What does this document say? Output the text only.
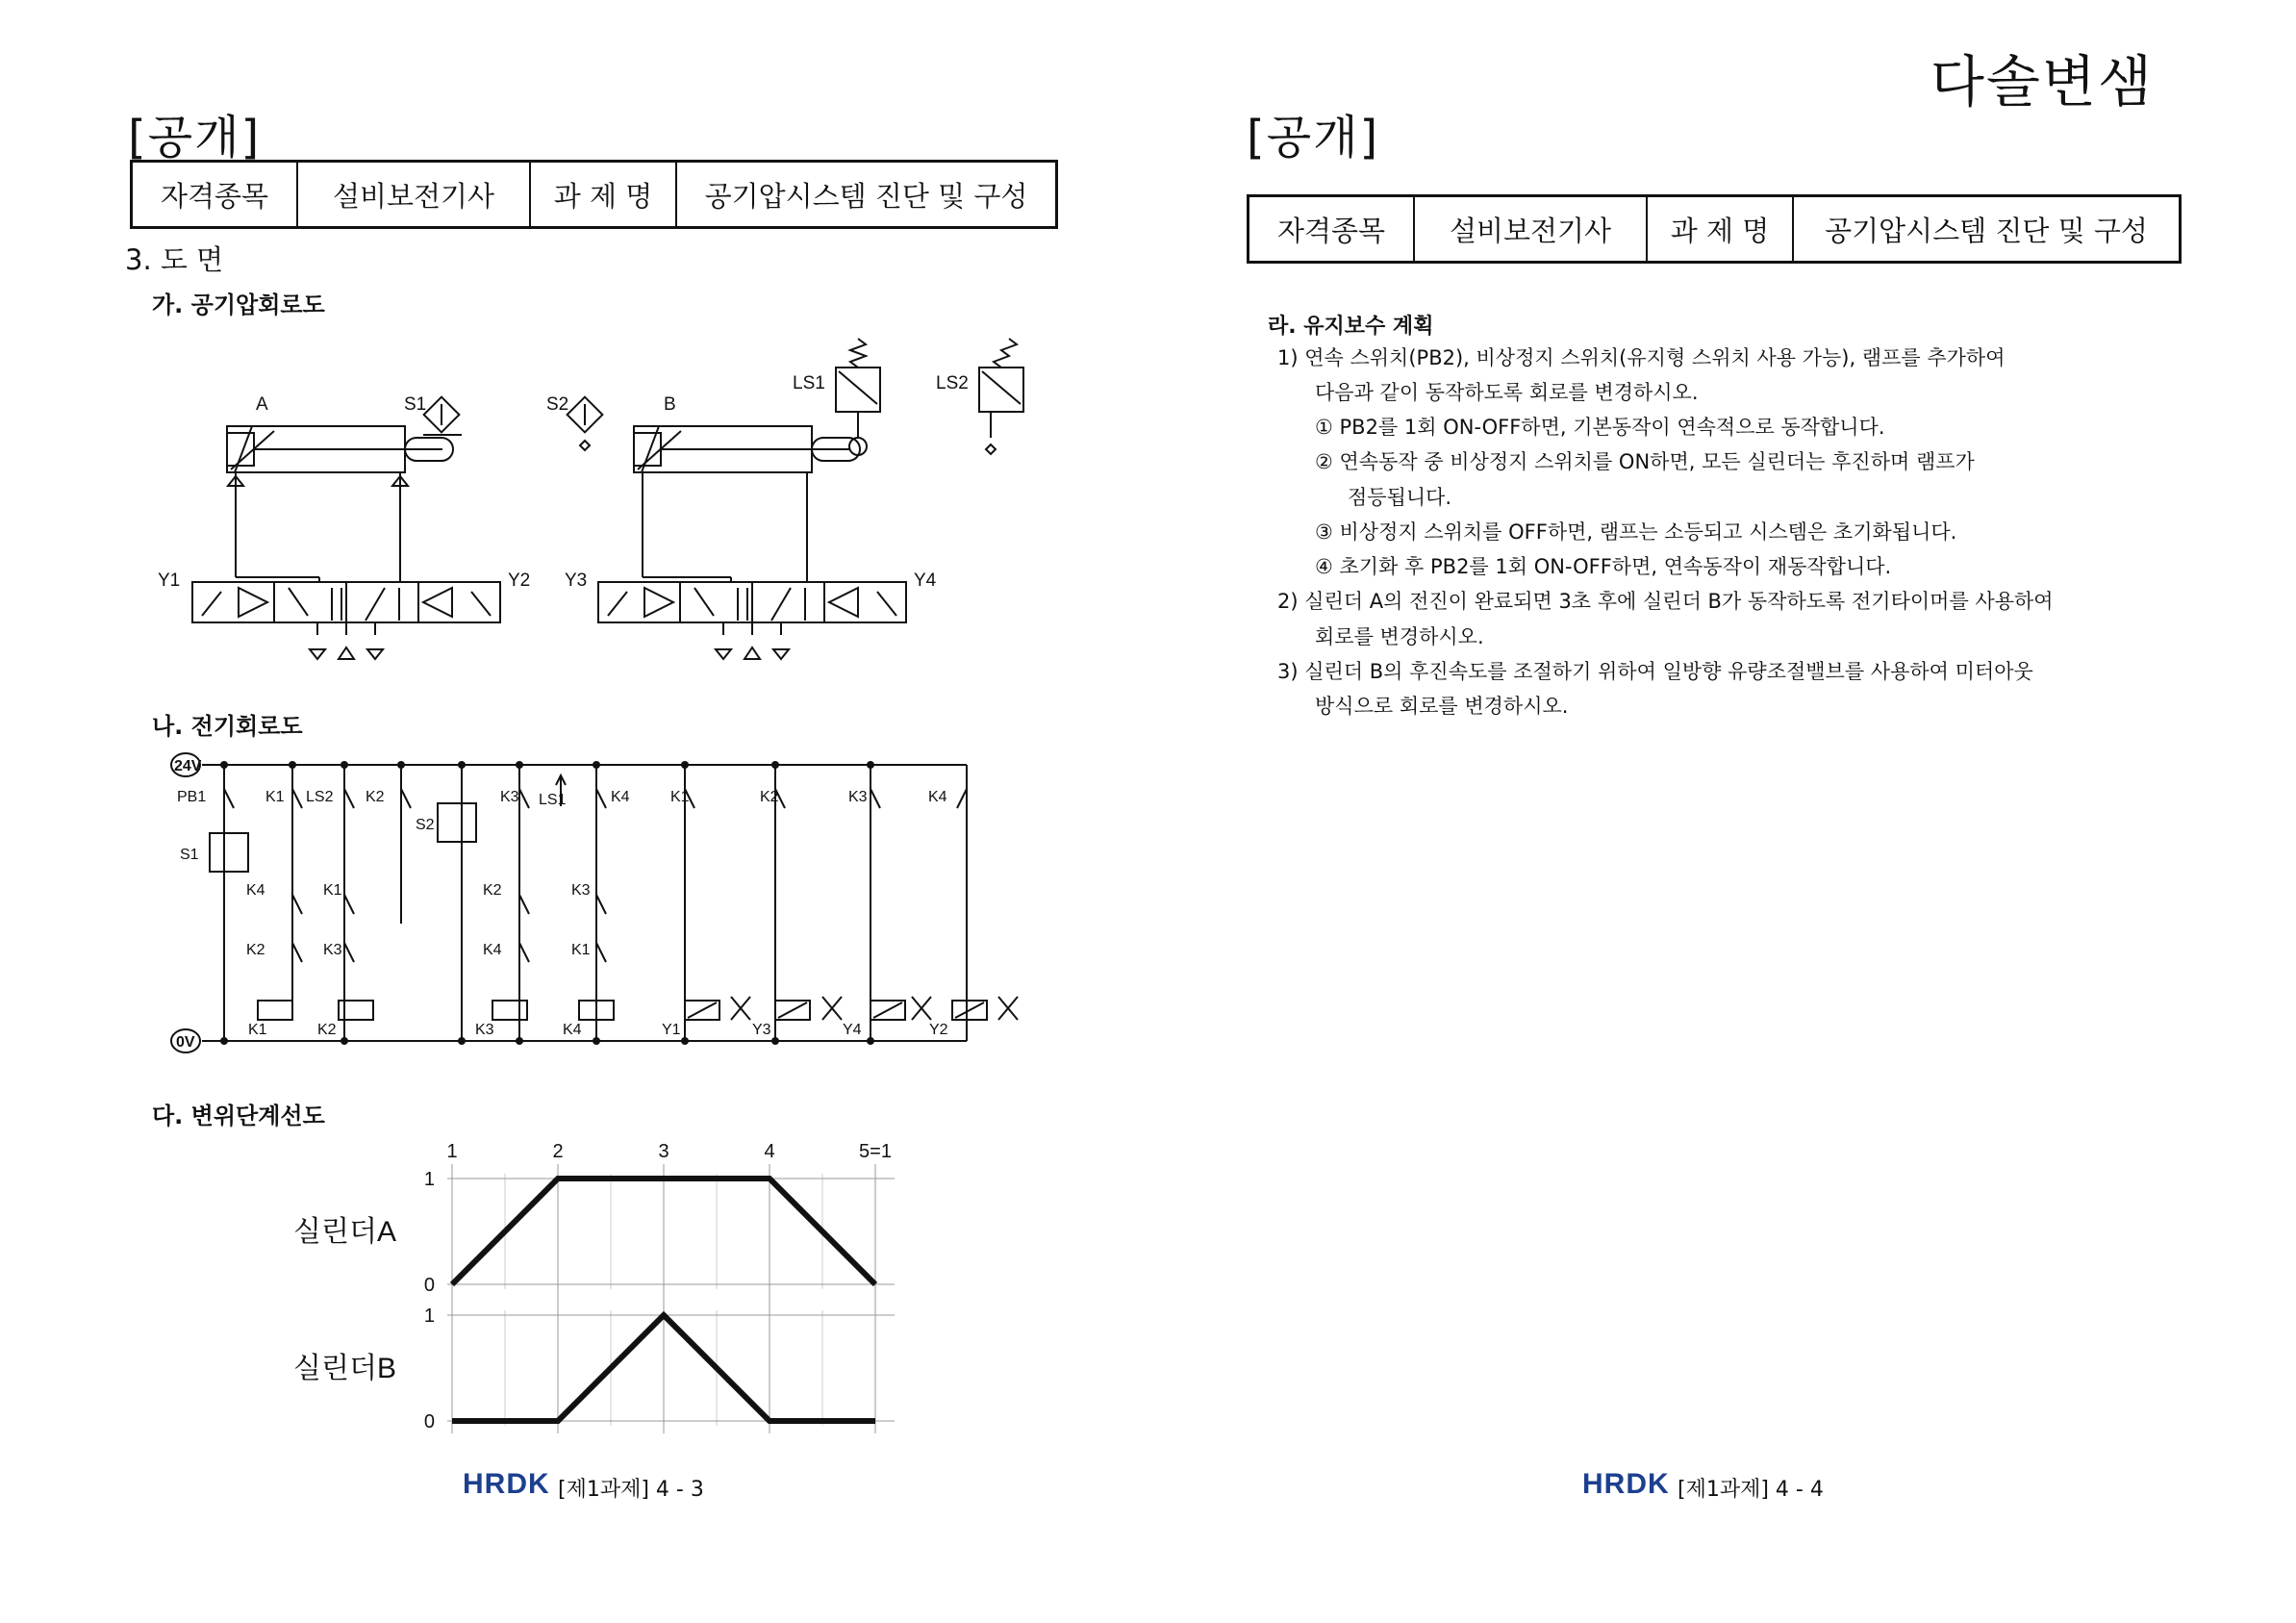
다솔변샘
[공개]
자격종목	설비보전기사	과 제 명	공기압시스템 진단 및 구성
3. 도 면
가. 공기압회로도
나. 전기회로도
다. 변위단계선도
A	S1	S2	B
LS1	LS2
Y1	Y2 Y3	Y4
24V
0V
PB1	K1 LS2 K2
S2
K3 LS1	K4	K1	K2	K3	K4
S1
K4	K1	K2	K3
K2	K3	K4	K1
K1	K2	K3	K4	Y1	Y3	Y4	Y2
1	2	3	4	5=1
0
1
실린더A
0
1
실린더B
HRDK [제1과제] 4 - 3
[공개]
자격종목	설비보전기사	과 제 명	공기압시스템 진단 및 구성
라. 유지보수 계획
1) 연속 스위치(PB2), 비상정지 스위치(유지형 스위치 사용 가능), 램프를 추가하여
다음과 같이 동작하도록 회로를 변경하시오.
① PB2를 1회 ON-OFF하면, 기본동작이 연속적으로 동작합니다.
② 연속동작 중 비상정지 스위치를 ON하면, 모든 실린더는 후진하며 램프가
점등됩니다.
③ 비상정지 스위치를 OFF하면, 램프는 소등되고 시스템은 초기화됩니다.
④ 초기화 후 PB2를 1회 ON-OFF하면, 연속동작이 재동작합니다.
2) 실린더 A의 전진이 완료되면 3초 후에 실린더 B가 동작하도록 전기타이머를 사용하여
회로를 변경하시오.
3) 실린더 B의 후진속도를 조절하기 위하여 일방향 유량조절밸브를 사용하여 미터아웃
방식으로 회로를 변경하시오.
HRDK [제1과제] 4 - 4
